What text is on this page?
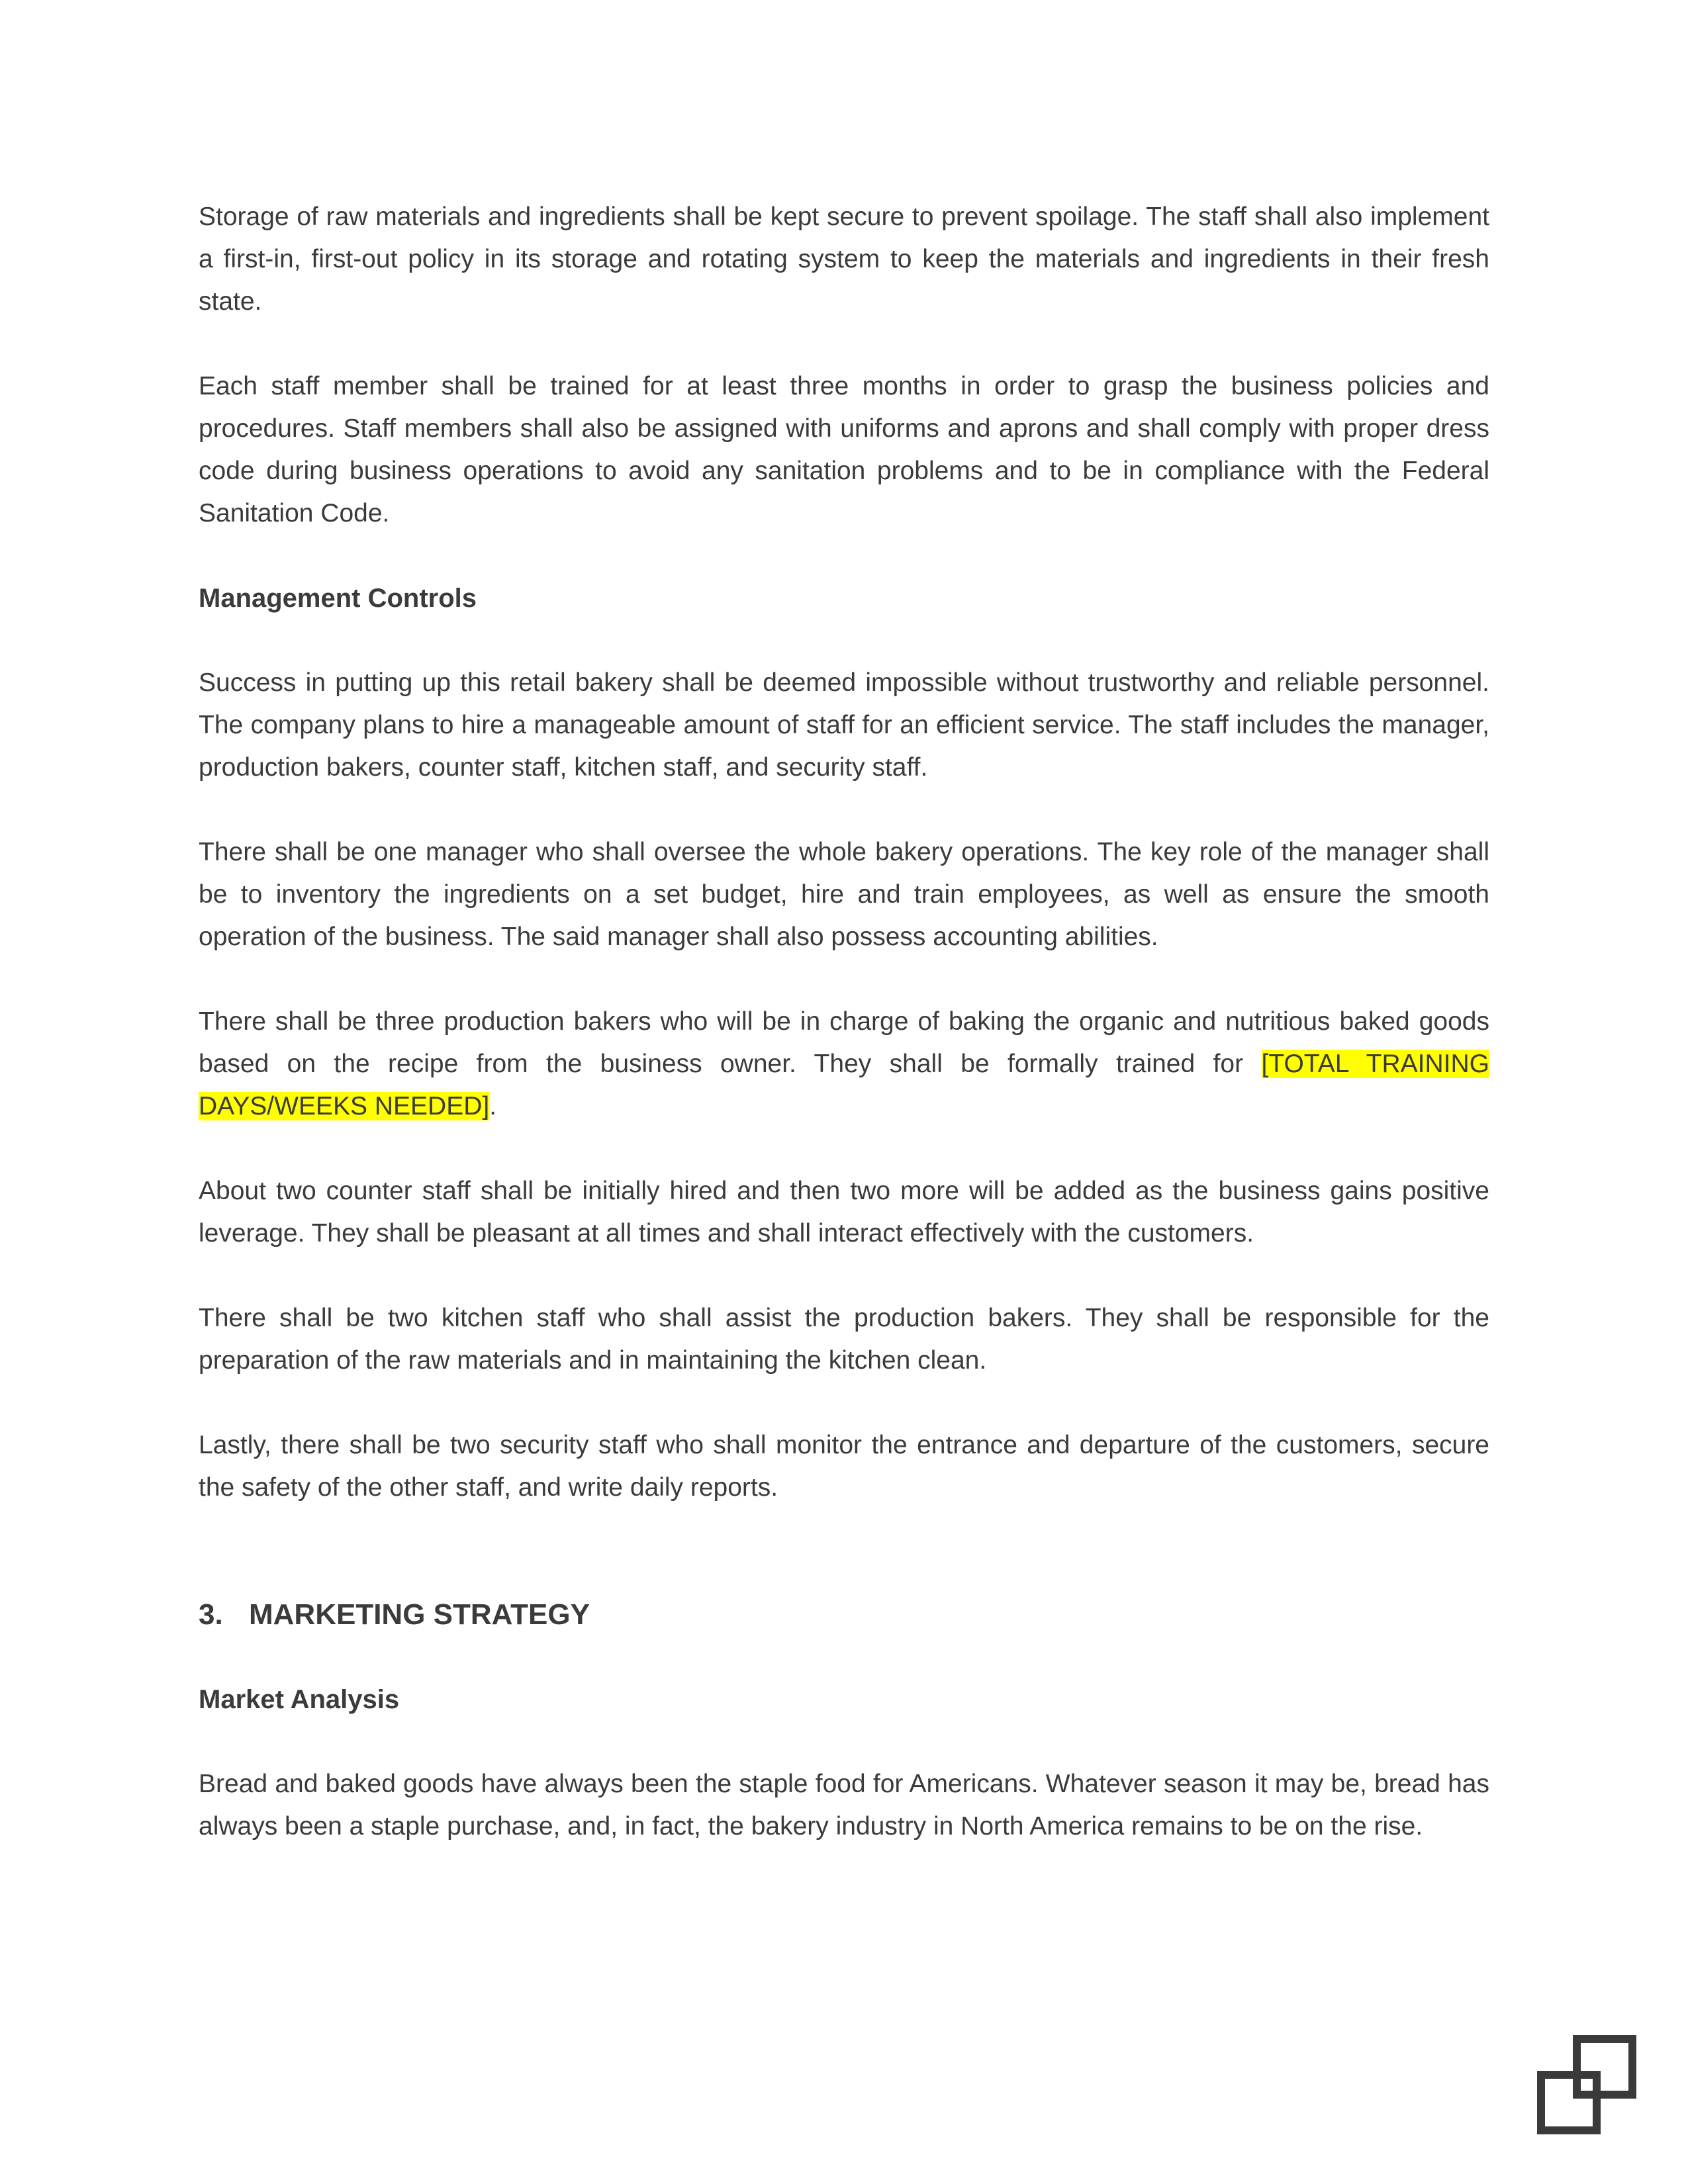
Storage of raw materials and ingredients shall be kept secure to prevent spoilage. The staff shall also implement a first-in, first-out policy in its storage and rotating system to keep the materials and ingredients in their fresh state.

Each staff member shall be trained for at least three months in order to grasp the business policies and procedures. Staff members shall also be assigned with uniforms and aprons and shall comply with proper dress code during business operations to avoid any sanitation problems and to be in compliance with the Federal Sanitation Code.

Management Controls

Success in putting up this retail bakery shall be deemed impossible without trustworthy and reliable personnel. The company plans to hire a manageable amount of staff for an efficient service. The staff includes the manager, production bakers, counter staff, kitchen staff, and security staff.

There shall be one manager who shall oversee the whole bakery operations. The key role of the manager shall be to inventory the ingredients on a set budget, hire and train employees, as well as ensure the smooth operation of the business. The said manager shall also possess accounting abilities.

There shall be three production bakers who will be in charge of baking the organic and nutritious baked goods based on the recipe from the business owner. They shall be formally trained for [TOTAL TRAINING DAYS/WEEKS NEEDED].

About two counter staff shall be initially hired and then two more will be added as the business gains positive leverage. They shall be pleasant at all times and shall interact effectively with the customers.

There shall be two kitchen staff who shall assist the production bakers. They shall be responsible for the preparation of the raw materials and in maintaining the kitchen clean.

Lastly, there shall be two security staff who shall monitor the entrance and departure of the customers, secure the safety of the other staff, and write daily reports.

3. MARKETING STRATEGY
Market Analysis

Bread and baked goods have always been the staple food for Americans. Whatever season it may be, bread has always been a staple purchase, and, in fact, the bakery industry in North America remains to be on the rise.
